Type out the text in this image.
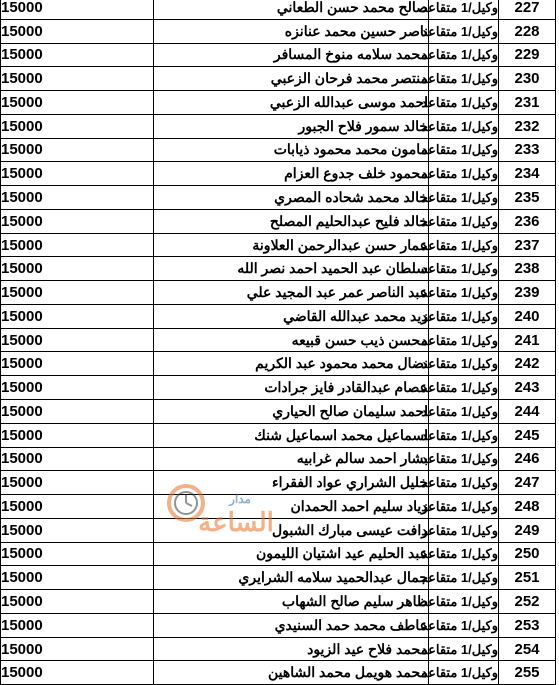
15000	صالح محمد حسن الطعاني	وكيل/1 متقاعد	227
15000	ناصر حسين محمد عنانزه	وكيل/1 متقاعد	228
15000	محمد سلامه منوخ المسافر	وكيل/1 متقاعد	229
15000	منتصر محمد فرحان الزعبي	وكيل/1 متقاعد	230
15000	احمد موسى عبدالله الزعبي	وكيل/1 متقاعد	231
15000	خالد سمور فلاح الجبور	وكيل/1 متقاعد	232
15000	مامون محمد محمود ذيابات	وكيل/1 متقاعد	233
15000	محمود خلف جدوع العزام	وكيل/1 متقاعد	234
15000	خالد محمد شحاده المصري	وكيل/1 متقاعد	235
15000	خالد فليح عبدالحليم المصلح	وكيل/1 متقاعد	236
15000	عمار حسن عبدالرحمن العلاونة	وكيل/1 متقاعد	237
15000	سلطان عبد الحميد احمد نصر الله	وكيل/1 متقاعد	238
15000	عبد الناصر عمر عبد المجيد علي	وكيل/1 متقاعد	239
15000	زيد محمد عبدالله القاضي	وكيل/1 متقاعد	240
15000	محسن ذيب حسن قبيعه	وكيل/1 متقاعد	241
15000	نضال محمد محمود عبد الكريم	وكيل/1 متقاعد	242
15000	عصام عبدالقادر فايز جرادات	وكيل/1 متقاعد	243
15000	احمد سليمان صالح الحياري	وكيل/1 متقاعد	244
15000	اسماعيل محمد اسماعيل شنك	وكيل/1 متقاعد	245
15000	بشار احمد سالم غرابيه	وكيل/1 متقاعد	246
15000	خليل الشراري عواد الفقراء	وكيل/1 متقاعد	247
15000	زياد سليم احمد الحمدان	وكيل/1 متقاعد	248
15000	رافت عيسى مبارك الشبول	وكيل/1 متقاعد	249
15000	عبد الحليم عيد اشتيان الليمون	وكيل/1 متقاعد	250
15000	جمال عبدالحميد سلامه الشرايري	وكيل/1 متقاعد	251
15000	ظاهر سليم صالح الشهاب	وكيل/1 متقاعد	252
15000	عاطف محمد حمد السنيدي	وكيل/1 متقاعد	253
15000	محمد فلاح عيد الزيود	وكيل/1 متقاعد	254
15000	محمد هويمل محمد الشاهين	وكيل/1 متقاعد	255
مدار
الساعة
